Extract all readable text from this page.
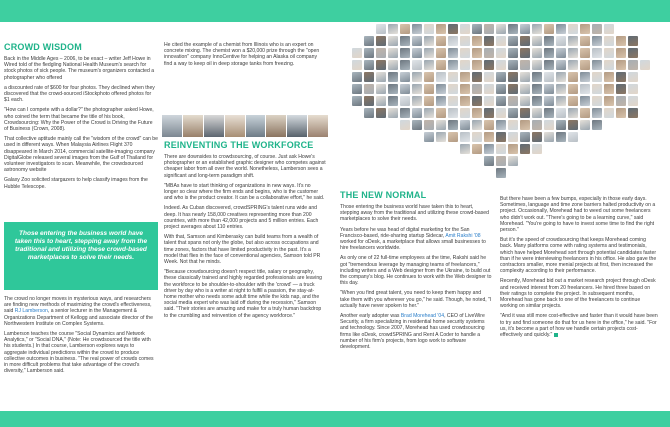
CROWD WISDOM

Back in the Middle Ages – 2006, to be exact – writer Jeff Howe in Wired told of the fledgling National Health Museum's search for stock photos of sick people. The museum's organizers contacted a photographer who offered

a discounted rate of $600 for four photos. They declined when they discovered that the crowd-sourced iStockphoto offered photos for $1 each.

"How can I compete with a dollar?" the photographer asked Howe, who coined the term that became the title of his book, Crowdsourcing: Why the Power of the Crowd is Driving the Future of Business (Crown, 2008).

That collective aptitude mainly call the "wisdom of the crowd" can be used in different ways. When Malaysia Airlines Flight 370 disappeared in March 2014, commercial satellite-imaging company DigitalGlobe released several images from the Gulf of Thailand for volunteer investigators to scan. Meanwhile, the crowdsourced astronomy website

Galaxy Zoo solicited stargazers to help classify images from the Hubble Telescope.

Those entering the business world have taken this to heart, stepping away from the traditional and utilizing these crowd-based marketplaces to solve their needs.

The crowd no longer moves in mysterious ways, and researchers are finding new methods of maximizing the crowd's effectiveness, said RJ Lamberson, a senior lecturer in the Management & Organizations Department of Kellogg and associate director of the Northwestern Institute on Complex Systems.

Lamberson teaches the course "Social Dynamics and Network Analytics," or "Social DNA," (Note: He crowdsourced the title with his students.) In that course, Lamberson explores ways to aggregate individual predictions within the crowd to produce collective outcomes in business. "The real power of crowds comes in more difficult problems that take advantage of the crowd's diversity," Lamberson said.

He cited the example of a chemist from Illinois who is an expert on concrete mixing. The chemist won a $20,000 prize through the "open innovation" company InnoCentive for helping an Alaska oil company find a way to keep oil in deep storage tanks from freezing.

REINVENTING THE WORKFORCE

There are downsides to crowdsourcing, of course. Just ask Howe's photographer or an established graphic designer who competes against cheaper labor from all over the world. Nonetheless, Lamberson sees a significant and long-term paradigm shift.

"MBAs have to start thinking of organizations in new ways. It's no longer so clear where the firm ends and begins, who is the customer and who is the product creator. It can be a collaborative effort," he said.

Indeed. As Cuban discovered, crowdSPRING's talent runs wide and deep. It has nearly 158,000 creatives representing more than 200 countries, with more than 42,000 projects and 5 million entries. Each project averages about 110 entries.

With that, Samson and Kimberasky can build teams from a wealth of talent that spans not only the globe, but also across occupations and time zones, factors that have limited productivity in the past. It's a model that flies in the face of conventional agencies, Samson told PR Week. Not that he minds.

"Because crowdsourcing doesn't respect title, salary or geography, these classically trained and highly regarded professionals are leaving the workforce to be shoulder-to-shoulder with the 'crowd' — a truck driver by day who is a writer at night to fulfill a passion, the stay-at-home mother who needs some adult time while the kids nap, and the social media expert who was laid off during the recession," Samson said. "Their stories are amazing and make for a truly human backdrop to the crumbling and reinvention of the agency workforce."

THE NEW NORMAL

Those entering the business world have taken this to heart, stepping away from the traditional and utilizing these crowd-based marketplaces to solve their needs.

Years before he was head of digital marketing for the San Francisco-based, ride-sharing startup Sidecar, Amit Rakshi '08 worked for oDesk, a marketplace that allows small businesses to hire freelancers worldwide.

As only one of 22 full-time employees at the time, Rakshi said he got "tremendous leverage by managing teams of freelancers," including writers and a Web designer from the Ukraine, to build out the company's blog. He continues to work with the Web designer to this day.

"When you find great talent, you need to keep them happy and take them with you wherever you go," he said. Though, he noted, "I actually have never spoken to her."

Another early adopter was Brad Morehead '04, CEO of LiveWire Security, a firm specializing in residential home security systems and technology. Since 2007, Morehead has used crowdsourcing firms like oDesk, crowdSPRING and Rent A Coder to handle a number of his firm's projects, from logo work to software development.

But there have been a few bumps, especially in those early days. Sometimes, language and time zone barriers halted productivity on a project. Occasionally, Morehead had to weed out some freelancers who didn't work out. "There's going to be a learning curve," said Morehead. "You're going to have to invest some time to find the right person."

But it's the speed of crowdsourcing that keeps Morehead coming back. Many platforms come with rating systems and testimonials, which have helped Morehead sort through potential candidates faster than if he were interviewing freelancers in his office. He also gave the contractors smaller, more menial projects at first, then increased the complexity according to their performance.

Recently, Morehead bid out a market research project through oDesk and received interest from 20 freelancers. He hired three based on their ratings to complete the project. In subsequent months, Morehead has gone back to one of the freelancers to continue working on similar projects.

"And it was still more cost-effective and faster than it would have been to try and find someone do that for us here in the office," he said. "For us, it's become a part of how we handle certain projects cost-effectively and quickly."
